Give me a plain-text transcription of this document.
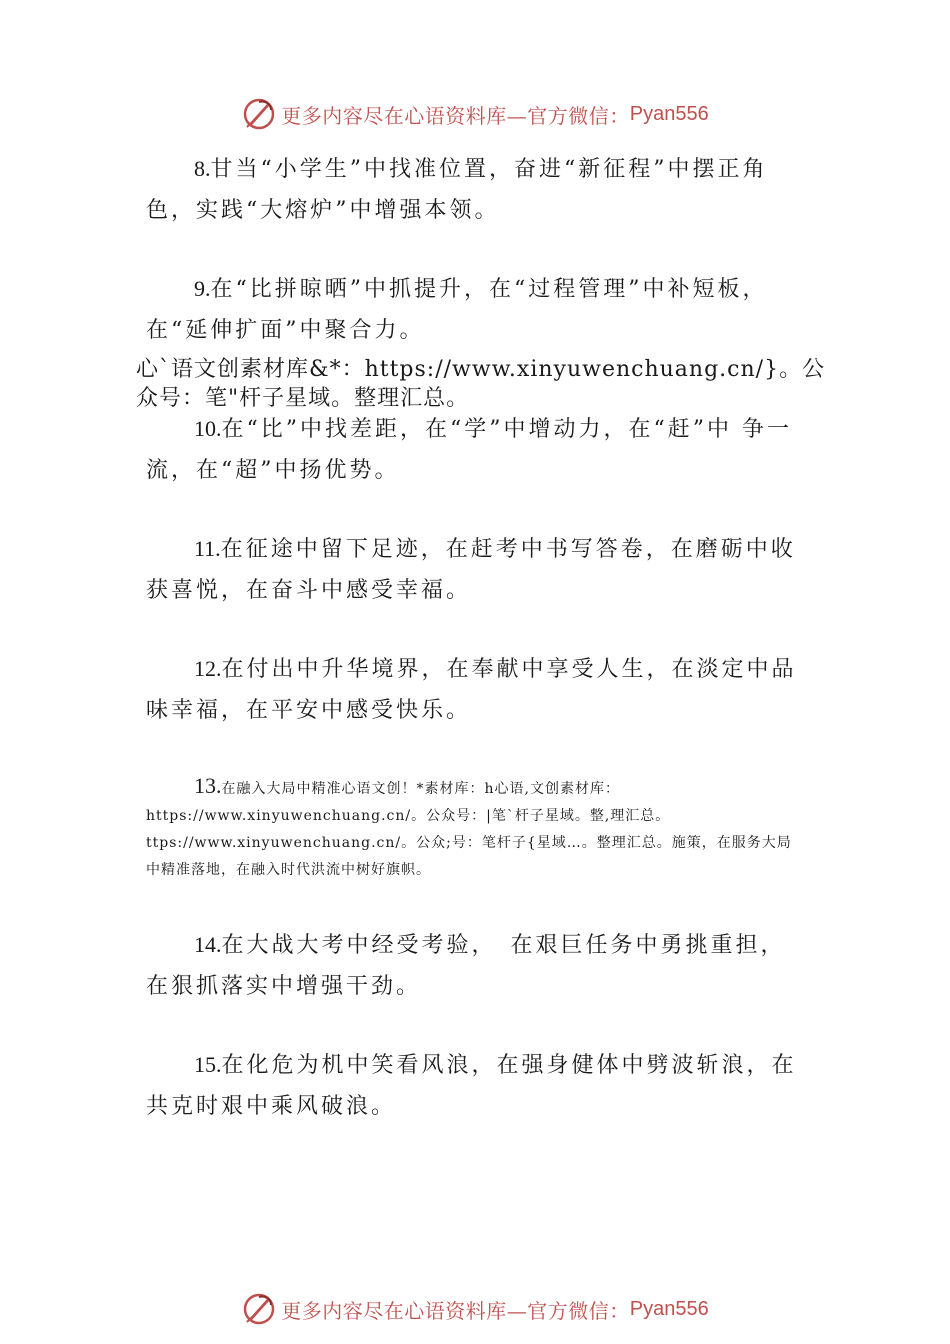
更多内容尽在心语资料库—官方微信： Pyan556

8.甘当“小学生”中找准位置，奋进“新征程”中摆正角色，实践“大熔炉”中增强本领。

9.在“比拼晾晒”中抓提升，在“过程管理”中补短板，在“延伸扩面”中聚合力。

心`语文创素材库&*：https://www.xinyuwenchuang.cn/}。公众号：笔"杆子星域。整理汇总。

10.在“比”中找差距，在“学”中增动力，在“赶”中 争一流，在“超”中扬优势。

11.在征途中留下足迹，在赶考中书写答卷，在磨砺中收获喜悦，在奋斗中感受幸福。

12.在付出中升华境界，在奉献中享受人生，在淡定中品味幸福，在平安中感受快乐。

13.在融入大局中精准心语文创！*素材库：h心语,文创素材库：https://www.xinyuwenchuang.cn/。公众号：|笔`杆子星域。整,理汇总。ttps://www.xinyuwenchuang.cn/。公众;号：笔杆子{星域…。整理汇总。施策，在服务大局中精准落地，在融入时代洪流中树好旗帜。

14.在大战大考中经受考验，　在艰巨任务中勇挑重担，在狠抓落实中增强干劲。

15.在化危为机中笑看风浪，在强身健体中劈波斩浪，在共克时艰中乘风破浪。

更多内容尽在心语资料库—官方微信： Pyan556
